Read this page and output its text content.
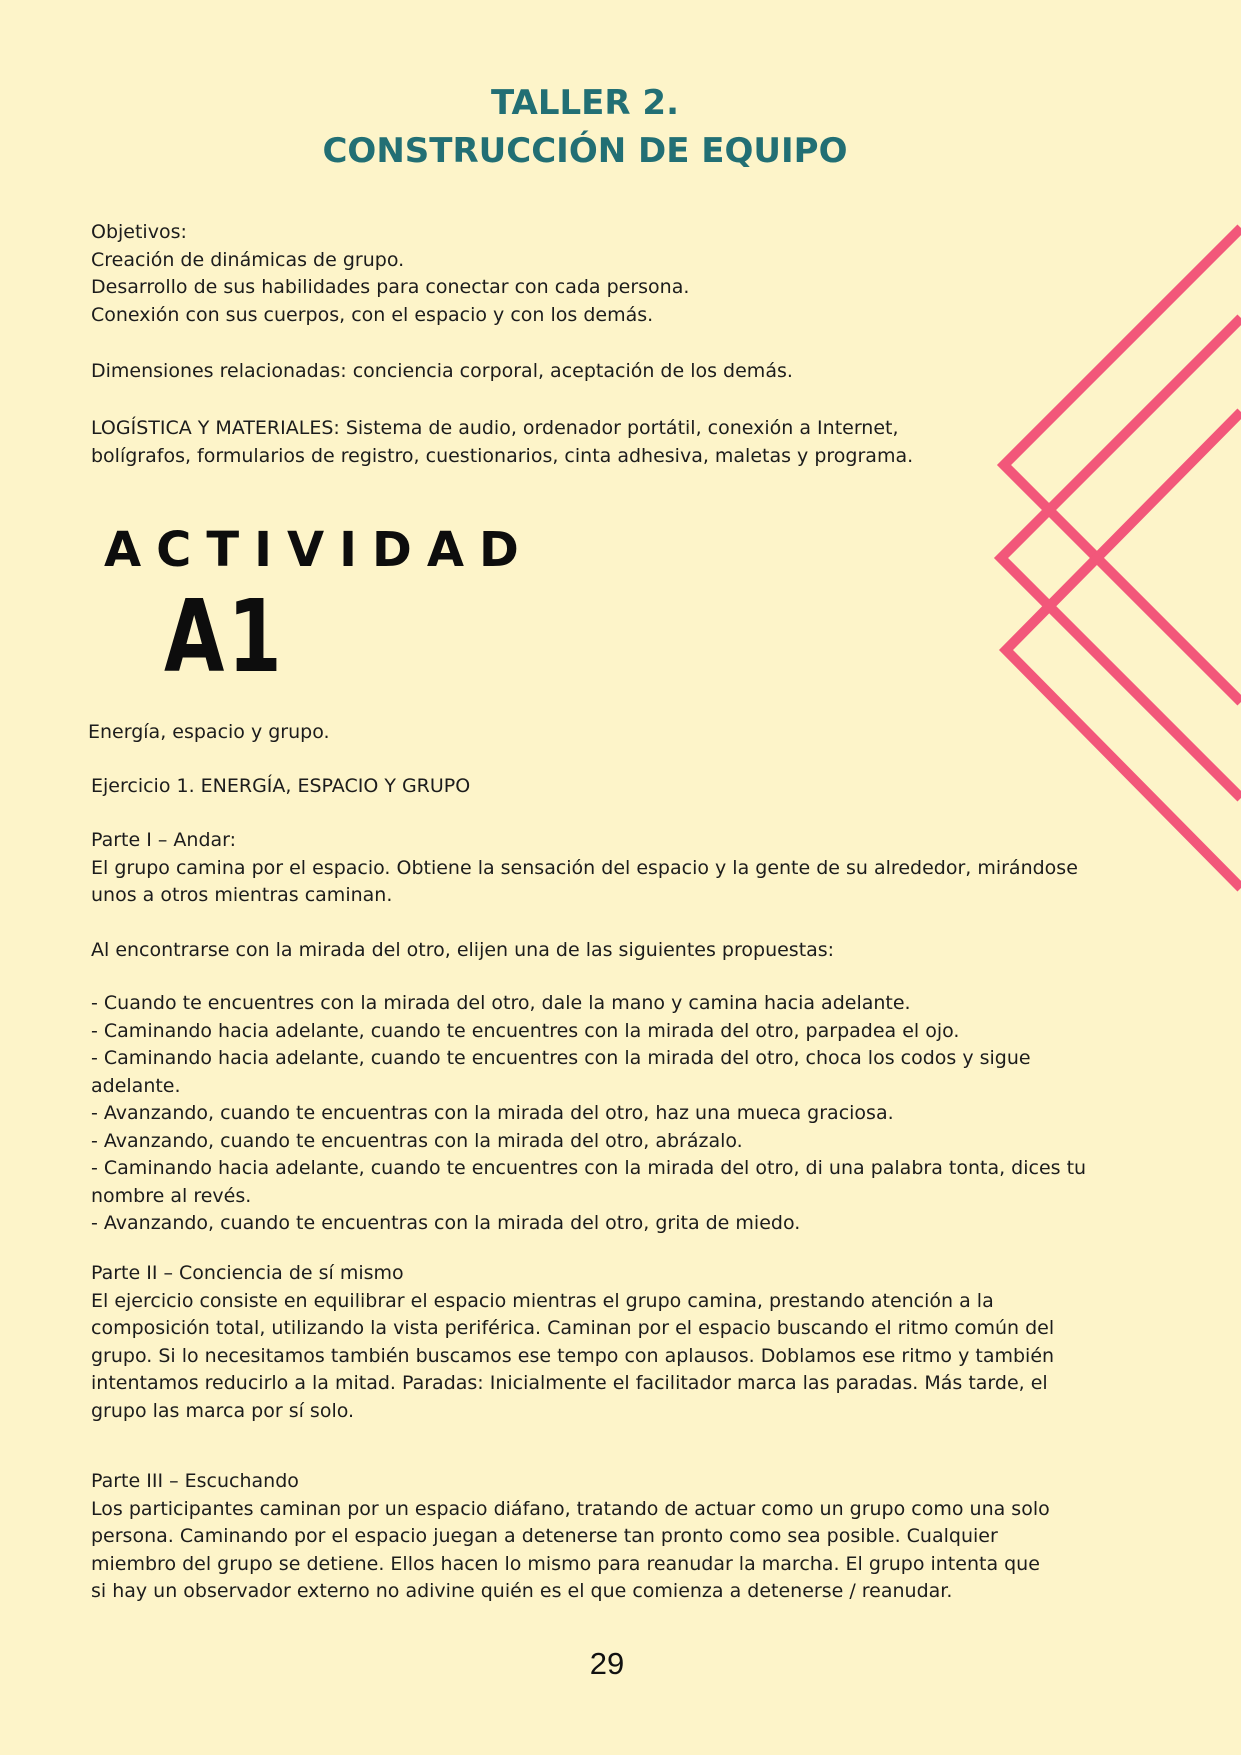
TALLER 2.
CONSTRUCCIÓN DE EQUIPO
Objetivos:
Creación de dinámicas de grupo.
Desarrollo de sus habilidades para conectar con cada persona.
Conexión con sus cuerpos, con el espacio y con los demás.
Dimensiones relacionadas: conciencia corporal, aceptación de los demás.
LOGÍSTICA Y MATERIALES: Sistema de audio, ordenador portátil, conexión a Internet,
bolígrafos, formularios de registro, cuestionarios, cinta adhesiva, maletas y programa.
ACTIVIDAD
A1
Energía, espacio y grupo.
Ejercicio 1. ENERGÍA, ESPACIO Y GRUPO
Parte I – Andar:
El grupo camina por el espacio. Obtiene la sensación del espacio y la gente de su alrededor, mirándose
unos a otros mientras caminan.
Al encontrarse con la mirada del otro, elijen una de las siguientes propuestas:
- Cuando te encuentres con la mirada del otro, dale la mano y camina hacia adelante.
- Caminando hacia adelante, cuando te encuentres con la mirada del otro, parpadea el ojo.
- Caminando hacia adelante, cuando te encuentres con la mirada del otro, choca los codos y sigue
adelante.
- Avanzando, cuando te encuentras con la mirada del otro, haz una mueca graciosa.
- Avanzando, cuando te encuentras con la mirada del otro, abrázalo.
- Caminando hacia adelante, cuando te encuentres con la mirada del otro, di una palabra tonta, dices tu
nombre al revés.
- Avanzando, cuando te encuentras con la mirada del otro, grita de miedo.
Parte II – Conciencia de sí mismo
El ejercicio consiste en equilibrar el espacio mientras el grupo camina, prestando atención a la
composición total, utilizando la vista periférica. Caminan por el espacio buscando el ritmo común del
grupo. Si lo necesitamos también buscamos ese tempo con aplausos. Doblamos ese ritmo y también
intentamos reducirlo a la mitad. Paradas: Inicialmente el facilitador marca las paradas. Más tarde, el
grupo las marca por sí solo.
Parte III – Escuchando
Los participantes caminan por un espacio diáfano, tratando de actuar como un grupo como una solo
persona. Caminando por el espacio juegan a detenerse tan pronto como sea posible. Cualquier
miembro del grupo se detiene. Ellos hacen lo mismo para reanudar la marcha. El grupo intenta que
si hay un observador externo no adivine quién es el que comienza a detenerse / reanudar.
29
